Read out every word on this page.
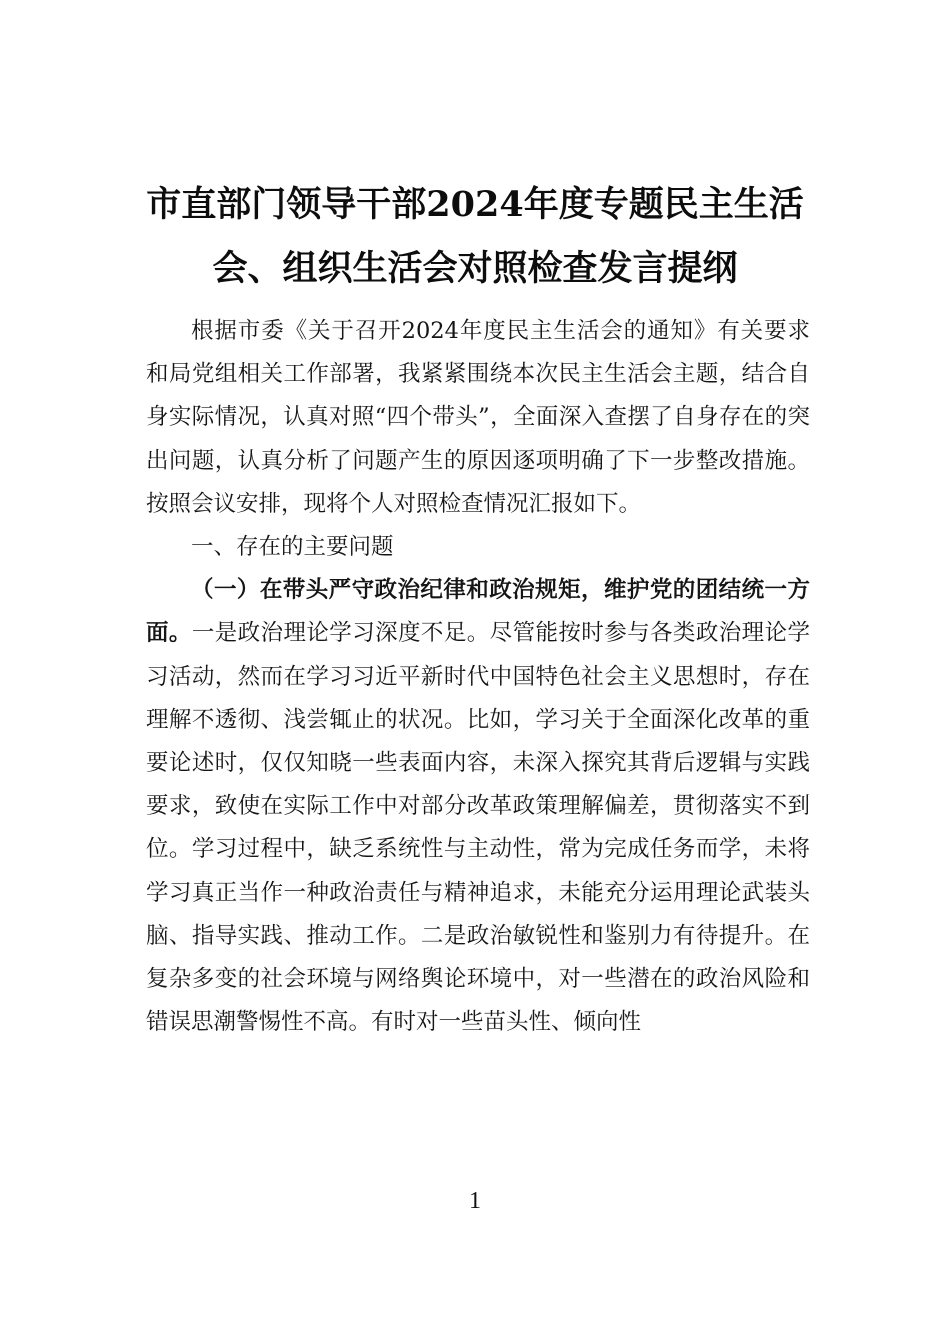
市直部门领导干部2024年度专题民主生活
会、组织生活会对照检查发言提纲

根据市委《关于召开2024年度民主生活会的通知》有关要求和局党组相关工作部署，我紧紧围绕本次民主生活会主题，结合自身实际情况，认真对照“四个带头”，全面深入查摆了自身存在的突出问题，认真分析了问题产生的原因逐项明确了下一步整改措施。按照会议安排，现将个人对照检查情况汇报如下。

一、存在的主要问题

（一）在带头严守政治纪律和政治规矩，维护党的团结统一方面。一是政治理论学习深度不足。尽管能按时参与各类政治理论学习活动，然而在学习习近平新时代中国特色社会主义思想时，存在理解不透彻、浅尝辄止的状况。比如，学习关于全面深化改革的重要论述时，仅仅知晓一些表面内容，未深入探究其背后逻辑与实践要求，致使在实际工作中对部分改革政策理解偏差，贯彻落实不到位。学习过程中，缺乏系统性与主动性，常为完成任务而学，未将学习真正当作一种政治责任与精神追求，未能充分运用理论武装头脑、指导实践、推动工作。二是政治敏锐性和鉴别力有待提升。在复杂多变的社会环境与网络舆论环境中，对一些潜在的政治风险和错误思潮警惕性不高。有时对一些苗头性、倾向性

1
